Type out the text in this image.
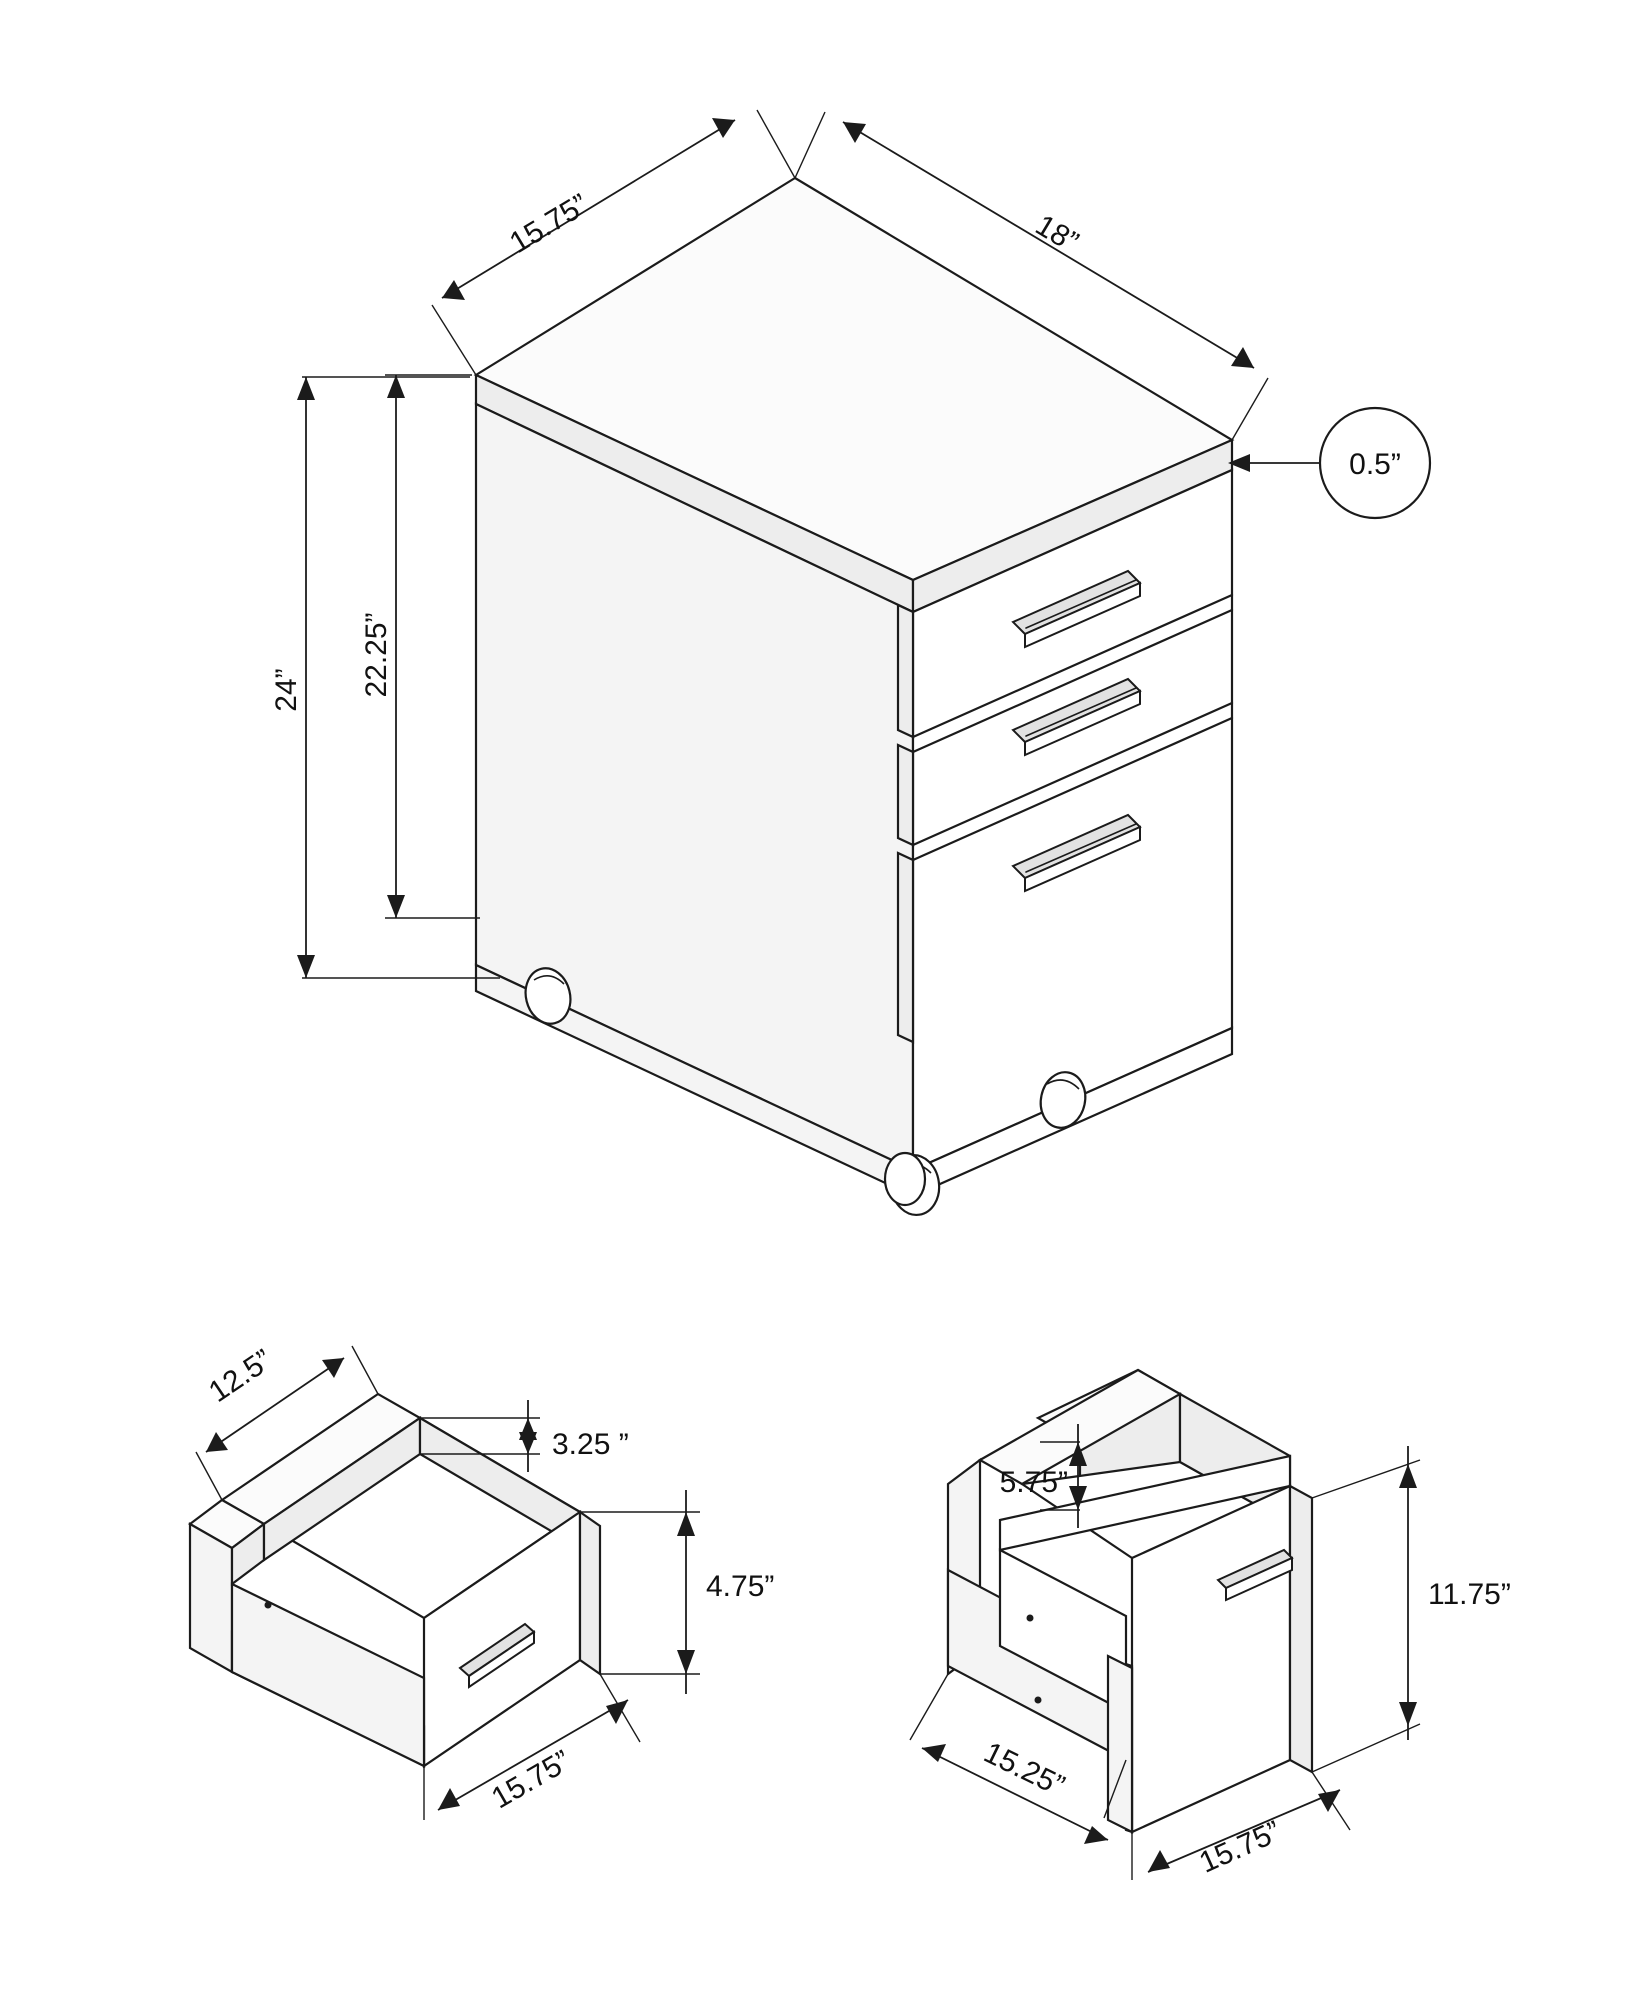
15.75”	18”
0.5”
24” 22.25”
12.5”
3.25 ”
4.75”
15.75”
5.75”
11.75”
15.25”
15.75”
